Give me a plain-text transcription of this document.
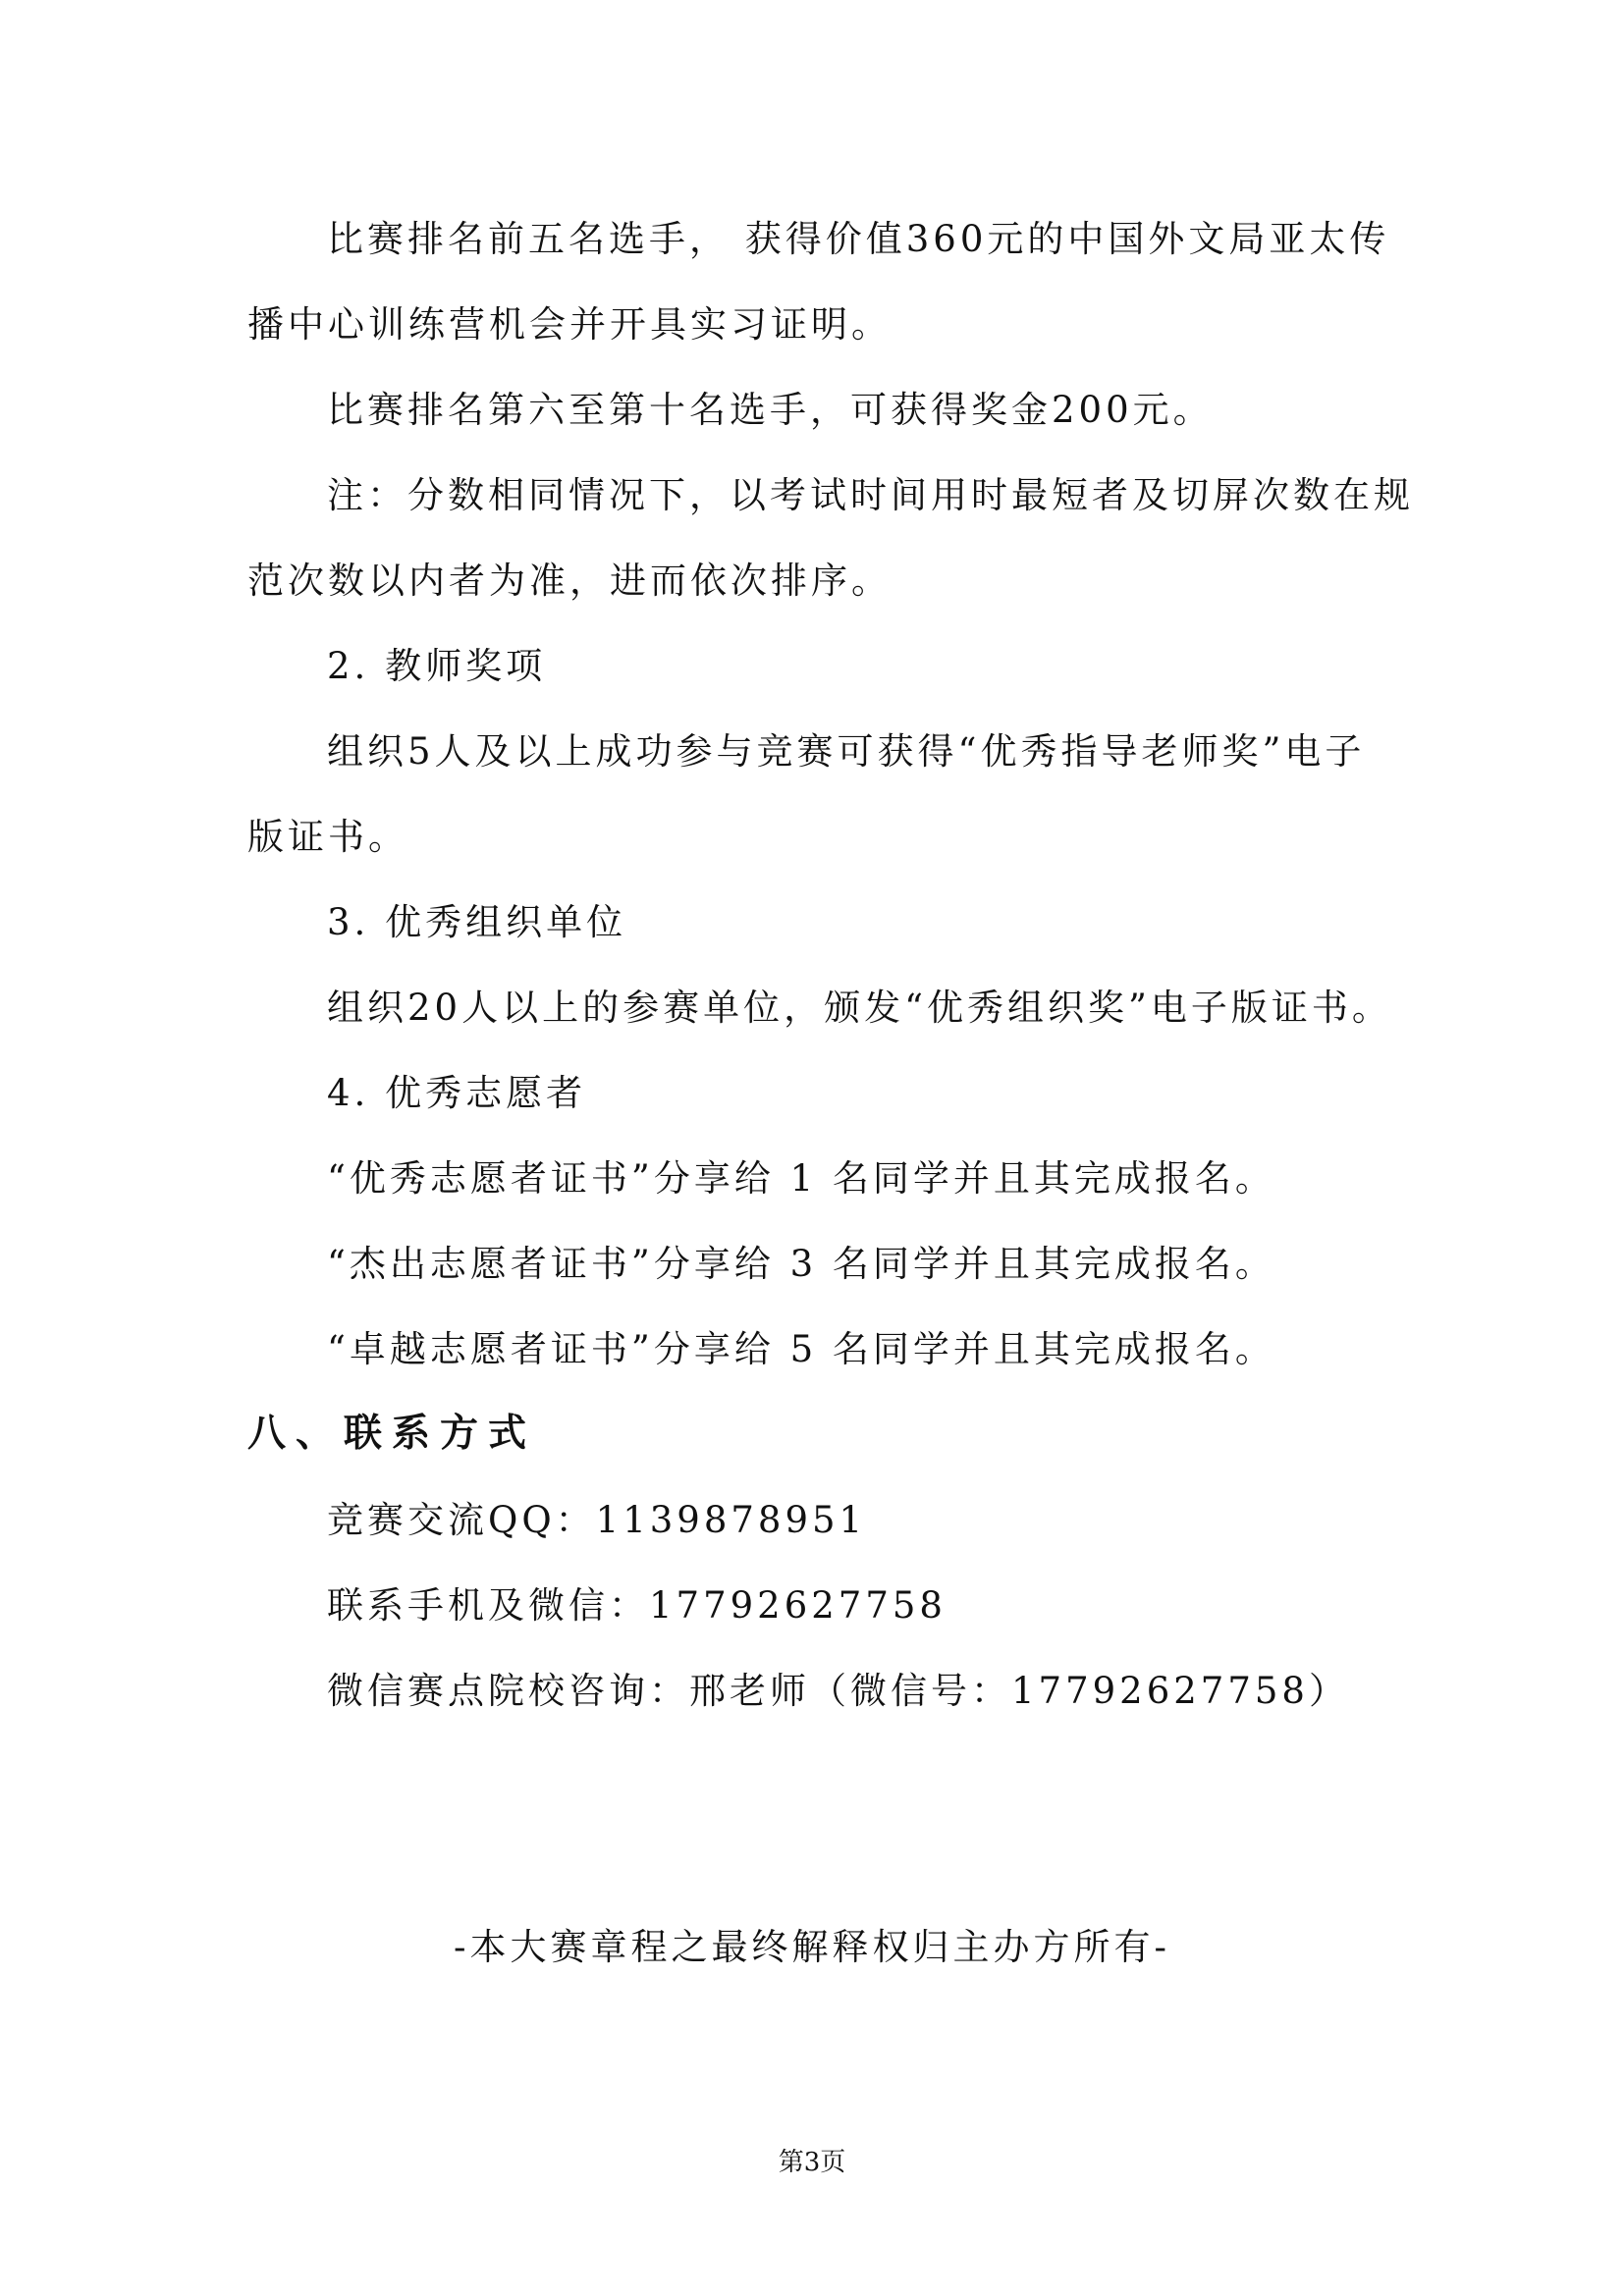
比赛排名前五名选手， 获得价值360元的中国外文局亚太传
播中心训练营机会并开具实习证明。
比赛排名第六至第十名选手，可获得奖金200元。
注：分数相同情况下，以考试时间用时最短者及切屏次数在规
范次数以内者为准，进而依次排序。
2. 教师奖项
组织5人及以上成功参与竞赛可获得“优秀指导老师奖”电子
版证书。
3. 优秀组织单位
组织20人以上的参赛单位，颁发“优秀组织奖”电子版证书。
4. 优秀志愿者
“优秀志愿者证书”分享给 1 名同学并且其完成报名。
“杰出志愿者证书”分享给 3 名同学并且其完成报名。
“卓越志愿者证书”分享给 5 名同学并且其完成报名。
八、联系方式
竞赛交流QQ：1139878951
联系手机及微信：17792627758
微信赛点院校咨询：邢老师（微信号：17792627758）
-本大赛章程之最终解释权归主办方所有-
第3页
